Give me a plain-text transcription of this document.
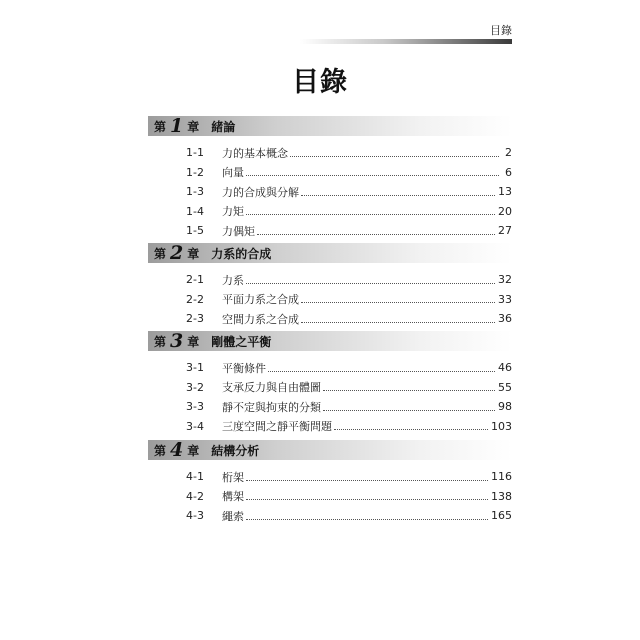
目錄
目錄
第 1 章 緒論
1-1	力的基本概念	2
1-2	向量	6
1-3	力的合成與分解	13
1-4	力矩	20
1-5	力偶矩	27
第 2 章 力系的合成
2-1	力系	32
2-2	平面力系之合成	33
2-3	空間力系之合成	36
第 3 章 剛體之平衡
3-1	平衡條件	46
3-2	支承反力與自由體圖	55
3-3	靜不定與拘束的分類	98
3-4	三度空間之靜平衡問題	103
第 4 章 結構分析
4-1	桁架	116
4-2	構架	138
4-3	繩索	165
